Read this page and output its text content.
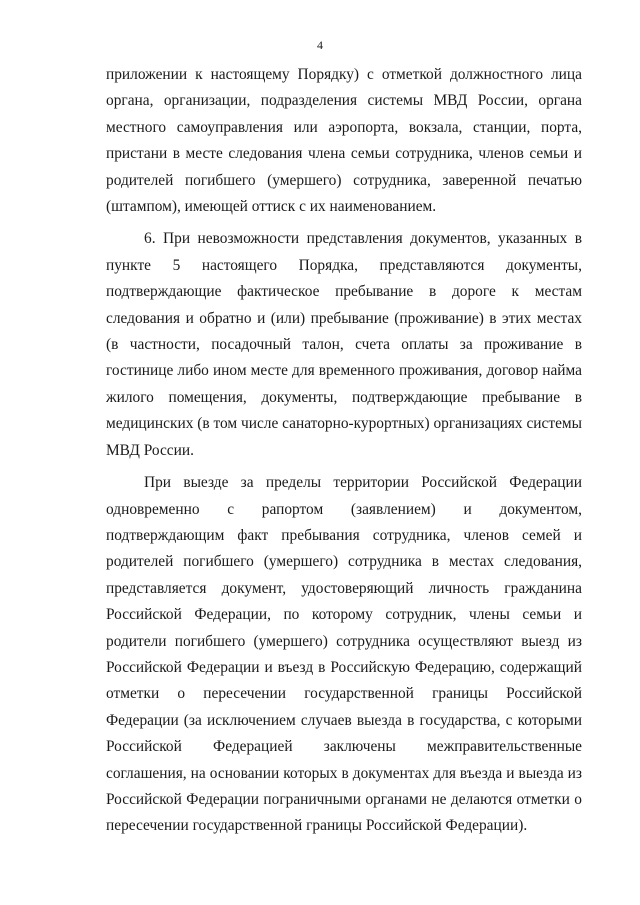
4

приложении к настоящему Порядку) с отметкой должностного лица органа, организации, подразделения системы МВД России, органа местного самоуправления или аэропорта, вокзала, станции, порта, пристани в месте следования члена семьи сотрудника, членов семьи и родителей погибшего (умершего) сотрудника, заверенной печатью (штампом), имеющей оттиск с их наименованием.

6. При невозможности представления документов, указанных в пункте 5 настоящего Порядка, представляются документы, подтверждающие фактическое пребывание в дороге к местам следования и обратно и (или) пребывание (проживание) в этих местах (в частности, посадочный талон, счета оплаты за проживание в гостинице либо ином месте для временного проживания, договор найма жилого помещения, документы, подтверждающие пребывание в медицинских (в том числе санаторно-курортных) организациях системы МВД России.

При выезде за пределы территории Российской Федерации одновременно с рапортом (заявлением) и документом, подтверждающим факт пребывания сотрудника, членов семей и родителей погибшего (умершего) сотрудника в местах следования, представляется документ, удостоверяющий личность гражданина Российской Федерации, по которому сотрудник, члены семьи и родители погибшего (умершего) сотрудника осуществляют выезд из Российской Федерации и въезд в Российскую Федерацию, содержащий отметки о пересечении государственной границы Российской Федерации (за исключением случаев выезда в государства, с которыми Российской Федерацией заключены межправительственные соглашения, на основании которых в документах для въезда и выезда из Российской Федерации пограничными органами не делаются отметки о пересечении государственной границы Российской Федерации).
